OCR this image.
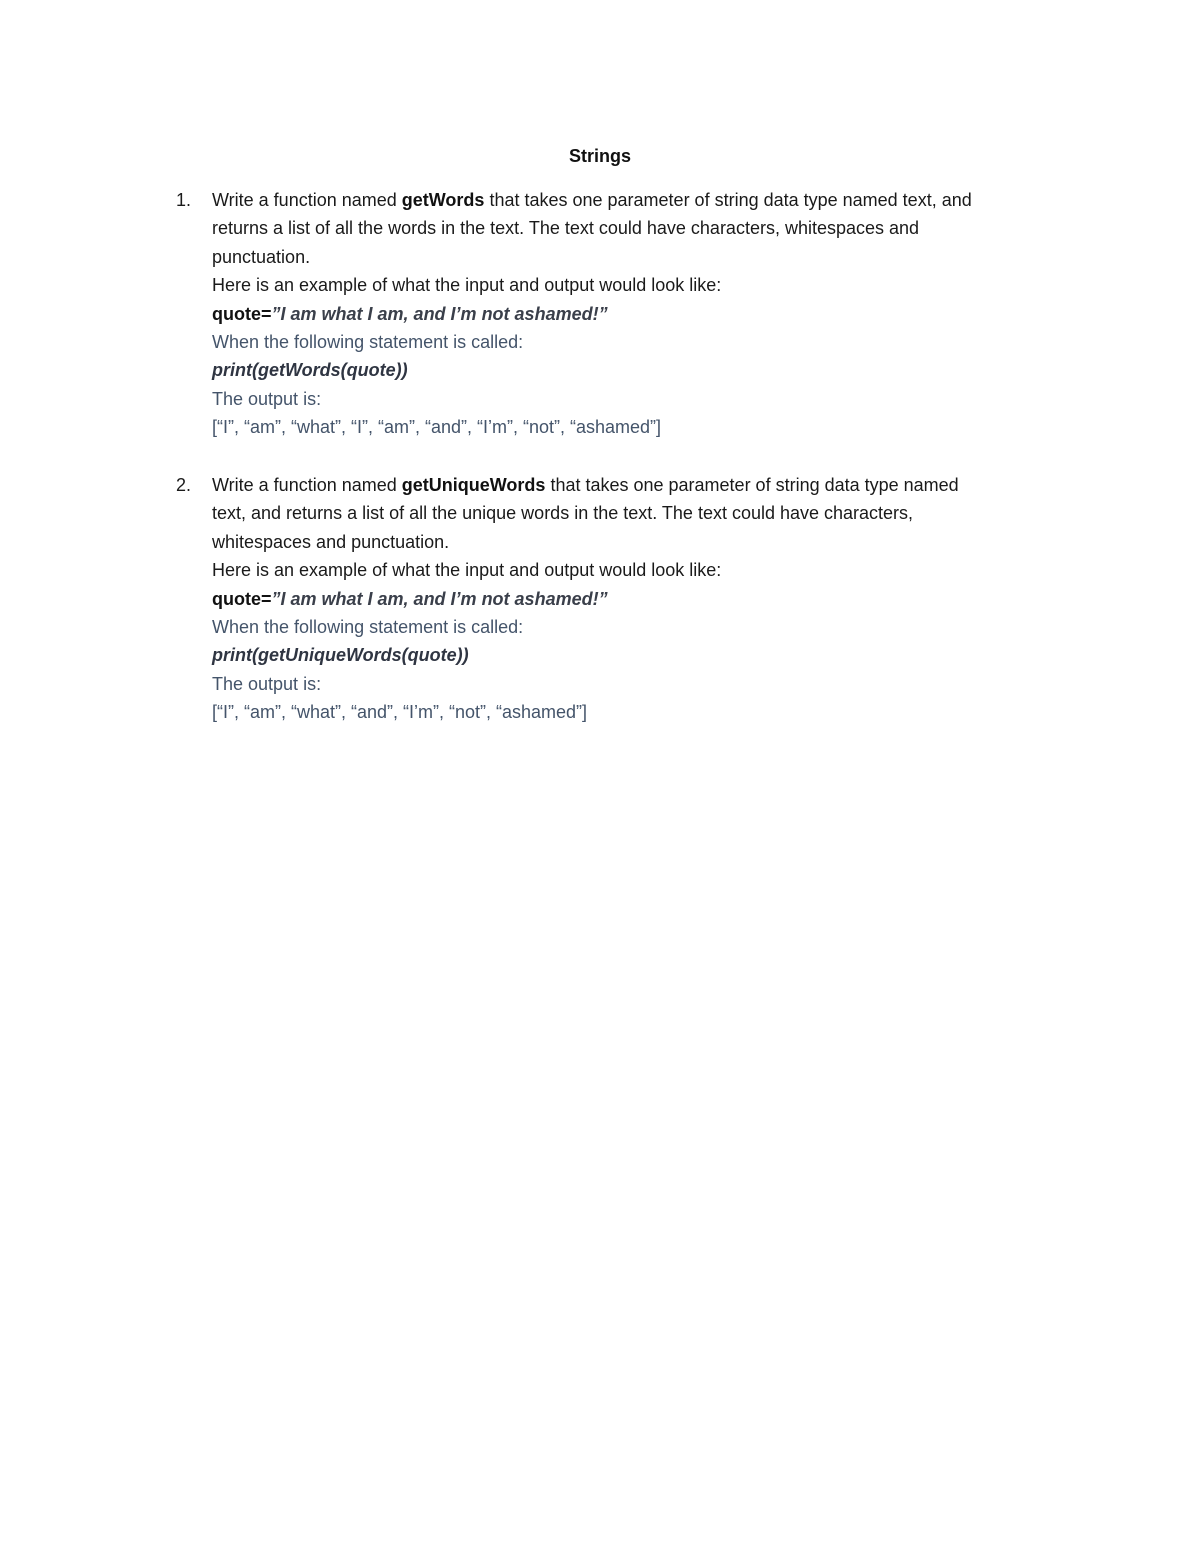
Strings
1.	Write a function named getWords that takes one parameter of string data type named text, and
returns a list of all the words in the text. The text could have characters, whitespaces and
punctuation.
Here is an example of what the input and output would look like:
quote=”I am what I am, and I’m not ashamed!”
When the following statement is called:
print(getWords(quote))
The output is:
[“I”, “am”, “what”, “I”, “am”, “and”, “I’m”, “not”, “ashamed”]
2.	Write a function named getUniqueWords that takes one parameter of string data type named
text, and returns a list of all the unique words in the text. The text could have characters,
whitespaces and punctuation.
Here is an example of what the input and output would look like:
quote=”I am what I am, and I’m not ashamed!”
When the following statement is called:
print(getUniqueWords(quote))
The output is:
[“I”, “am”, “what”, “and”, “I’m”, “not”, “ashamed”]
